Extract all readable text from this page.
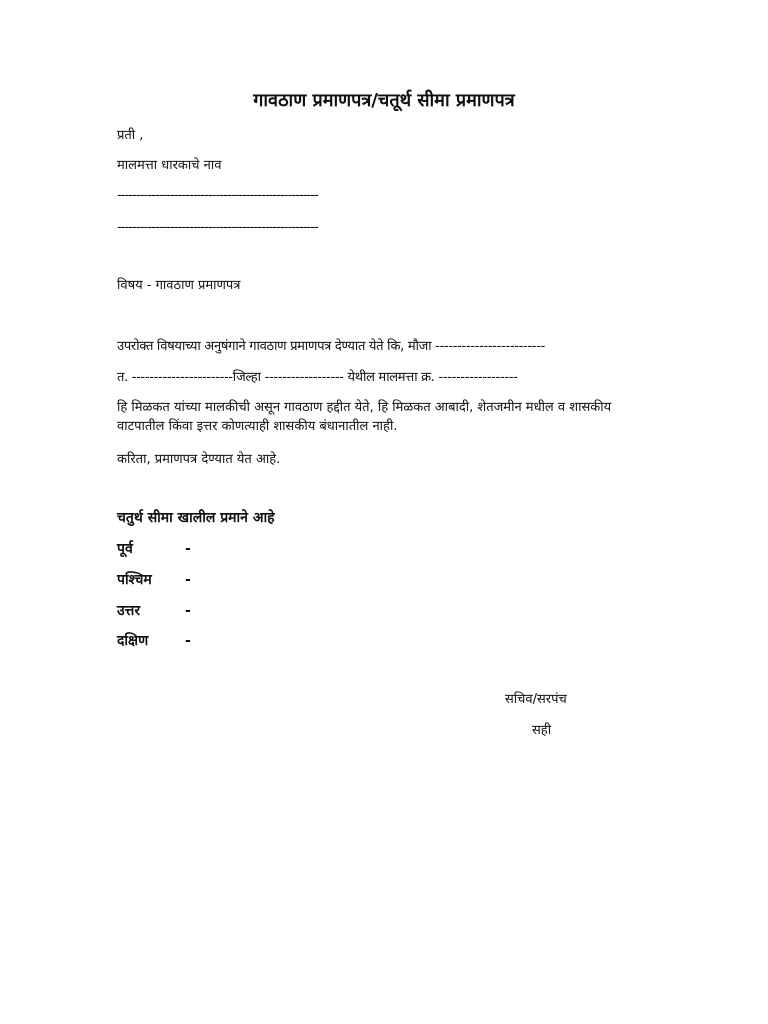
गावठाण प्रमाणपत्र/चतूर्थ सीमा प्रमाणपत्र
प्रती ,
मालमत्ता धारकाचे नाव
-----------------------------------------------------
-----------------------------------------------------
विषय - गावठाण प्रमाणपत्र
उपरोक्त विषयाच्या अनुषंगाने गावठाण प्रमाणपत्र देण्यात येते कि, मौजा -------------------------
त. -----------------------जिल्हा ------------------ येथील मालमत्ता क्र. ------------------
हि मिळकत यांच्या मालकीची असून गावठाण हद्दीत येते, हि मिळकत आबादी, शेतजमीन मधील व शासकीय वाटपातील किंवा इत्तर कोणत्याही शासकीय बंधानातील नाही.
करिता, प्रमाणपत्र देण्यात येत आहे.
चतुर्थ सीमा खालील प्रमाने आहे
पूर्व	-
पश्चिम -
उत्तर	-
दक्षिण	-
सचिव/सरपंच
सही
